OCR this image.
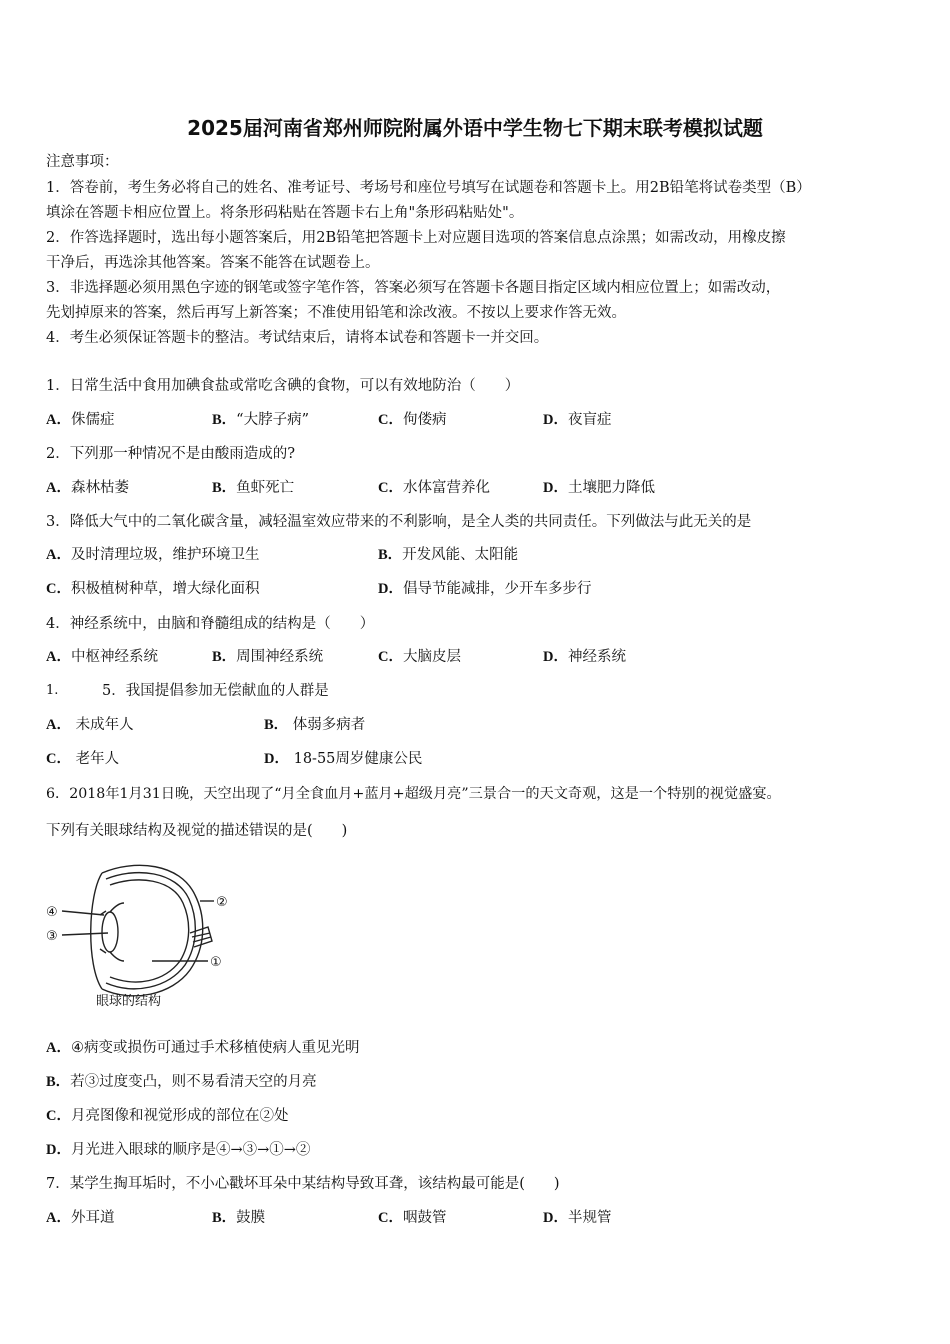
2025届河南省郑州师院附属外语中学生物七下期末联考模拟试题
注意事项：
1．答卷前，考生务必将自己的姓名、准考证号、考场号和座位号填写在试题卷和答题卡上。用2B铅笔将试卷类型（B）
填涂在答题卡相应位置上。将条形码粘贴在答题卡右上角"条形码粘贴处"。
2．作答选择题时，选出每小题答案后，用2B铅笔把答题卡上对应题目选项的答案信息点涂黑；如需改动，用橡皮擦
干净后，再选涂其他答案。答案不能答在试题卷上。
3．非选择题必须用黑色字迹的钢笔或签字笔作答，答案必须写在答题卡各题目指定区域内相应位置上；如需改动，
先划掉原来的答案，然后再写上新答案；不准使用铅笔和涂改液。不按以上要求作答无效。
4．考生必须保证答题卡的整洁。考试结束后，请将本试卷和答题卡一并交回。
1．日常生活中食用加碘食盐或常吃含碘的食物，可以有效地防治（　　）
A．侏儒症	B．“大脖子病”	C．佝偻病	D．夜盲症
2．下列那一种情况不是由酸雨造成的?
A．森林枯萎	B．鱼虾死亡	C．水体富营养化	D．土壤肥力降低
3．降低大气中的二氧化碳含量，减轻温室效应带来的不利影响，是全人类的共同责任。下列做法与此无关的是
A．及时清理垃圾，维护环境卫生	B．开发风能、太阳能
C．积极植树种草，增大绿化面积	D．倡导节能减排，少开车多步行
4．神经系统中，由脑和脊髓组成的结构是（　　）
A．中枢神经系统	B．周围神经系统	C．大脑皮层	D．神经系统
1.	5．我国提倡参加无偿献血的人群是
A． 未成年人	B． 体弱多病者
C． 老年人	D． 18-55周岁健康公民
6．2018年1月31日晚，天空出现了“月全食血月+蓝月+超级月亮”三景合一的天文奇观，这是一个特别的视觉盛宴。
下列有关眼球结构及视觉的描述错误的是(　　)
④
③
②
①
眼球的结构
A．④病变或损伤可通过手术移植使病人重见光明
B．若③过度变凸，则不易看清天空的月亮
C．月亮图像和视觉形成的部位在②处
D．月光进入眼球的顺序是④→③→①→②
7．某学生掏耳垢时，不小心戳坏耳朵中某结构导致耳聋，该结构最可能是(　　)
A．外耳道	B．鼓膜	C．咽鼓管	D．半规管
